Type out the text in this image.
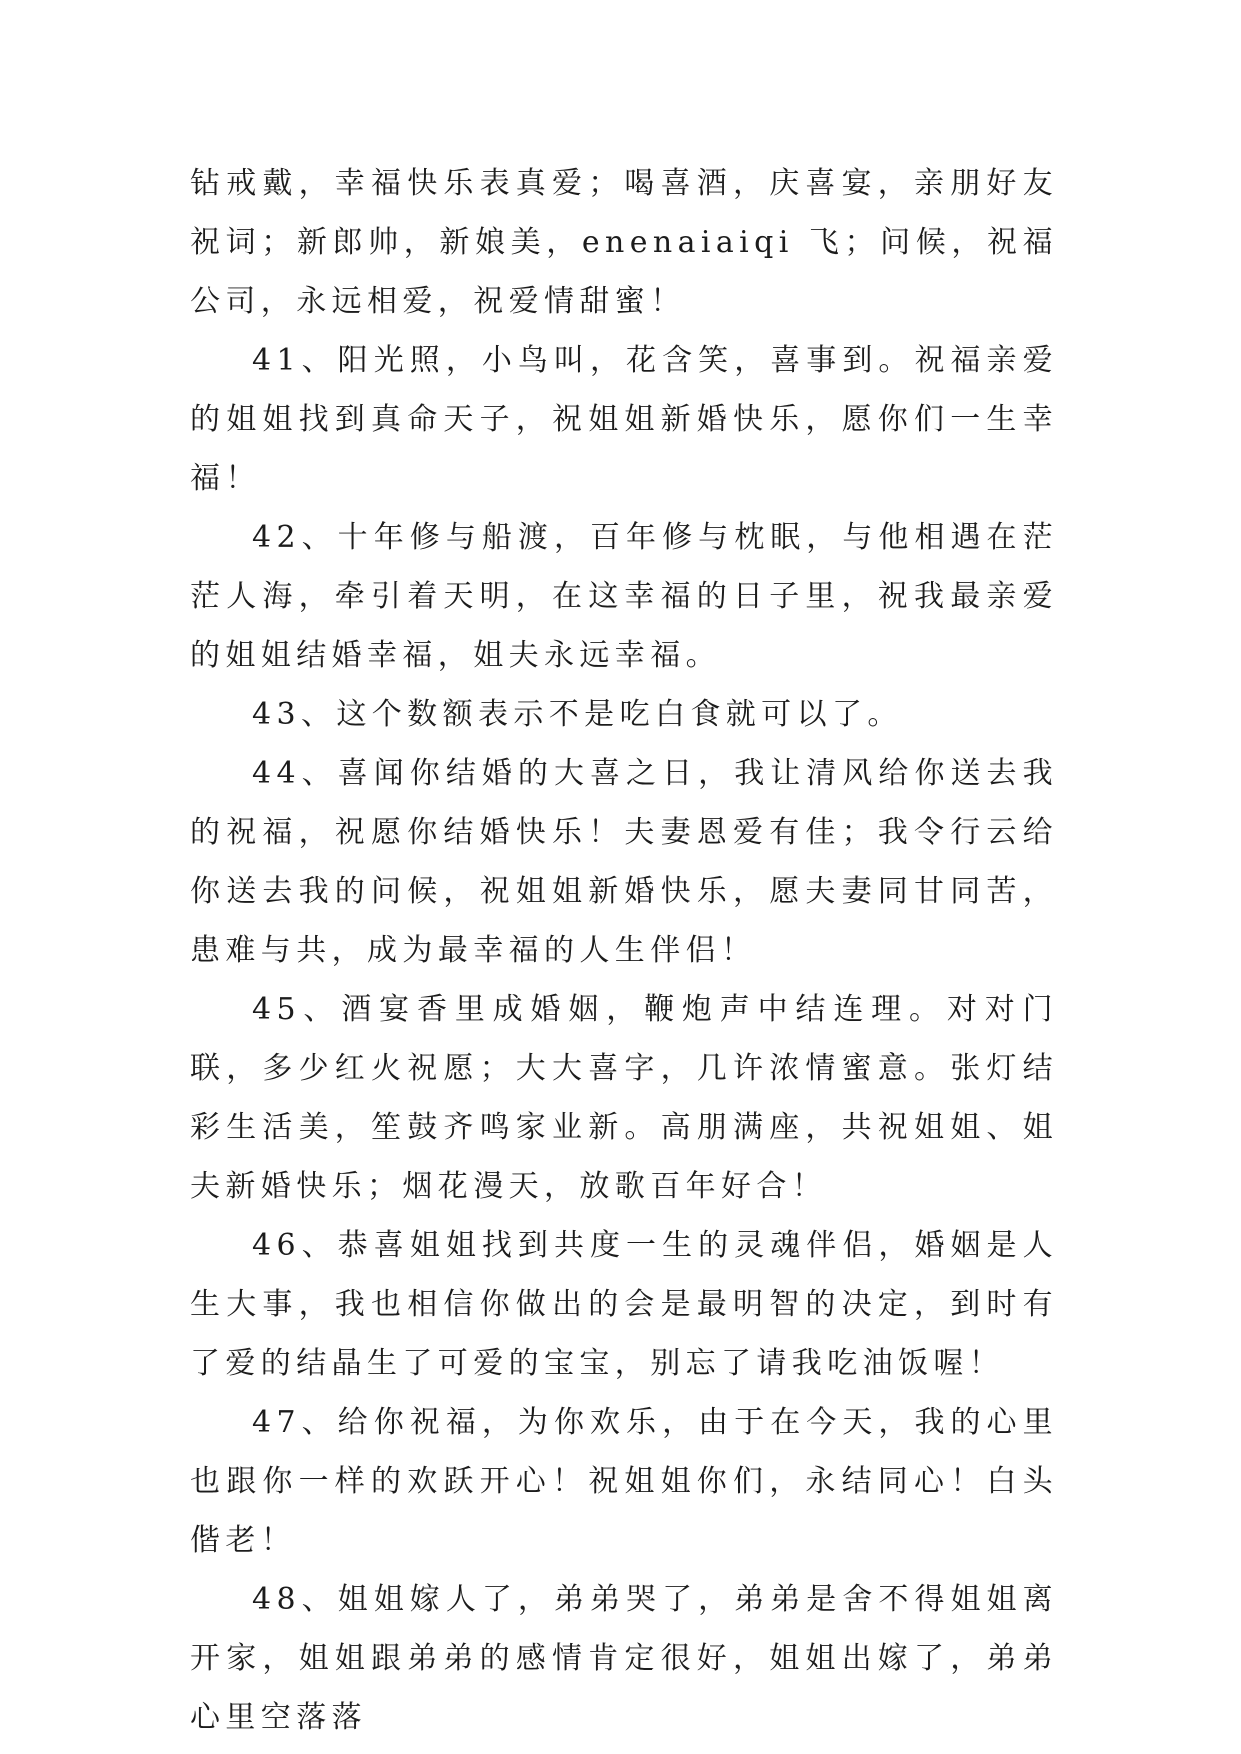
钻戒戴，幸福快乐表真爱；喝喜酒，庆喜宴，亲朋好友祝词；新郎帅，新娘美，enenaiaiqi 飞；问候，祝福公司，永远相爱，祝爱情甜蜜！

41、阳光照，小鸟叫，花含笑，喜事到。祝福亲爱的姐姐找到真命天子，祝姐姐新婚快乐，愿你们一生幸福！

42、十年修与船渡，百年修与枕眠，与他相遇在茫茫人海，牵引着天明，在这幸福的日子里，祝我最亲爱的姐姐结婚幸福，姐夫永远幸福。

43、这个数额表示不是吃白食就可以了。

44、喜闻你结婚的大喜之日，我让清风给你送去我的祝福，祝愿你结婚快乐！夫妻恩爱有佳；我令行云给你送去我的问候，祝姐姐新婚快乐，愿夫妻同甘同苦，患难与共，成为最幸福的人生伴侣！

45、酒宴香里成婚姻，鞭炮声中结连理。对对门联，多少红火祝愿；大大喜字，几许浓情蜜意。张灯结彩生活美，笙鼓齐鸣家业新。高朋满座，共祝姐姐、姐夫新婚快乐；烟花漫天，放歌百年好合！

46、恭喜姐姐找到共度一生的灵魂伴侣，婚姻是人生大事，我也相信你做出的会是最明智的决定，到时有了爱的结晶生了可爱的宝宝，别忘了请我吃油饭喔！

47、给你祝福，为你欢乐，由于在今天，我的心里也跟你一样的欢跃开心！祝姐姐你们，永结同心！白头偕老！

48、姐姐嫁人了，弟弟哭了，弟弟是舍不得姐姐离开家，姐姐跟弟弟的感情肯定很好，姐姐出嫁了，弟弟心里空落落
